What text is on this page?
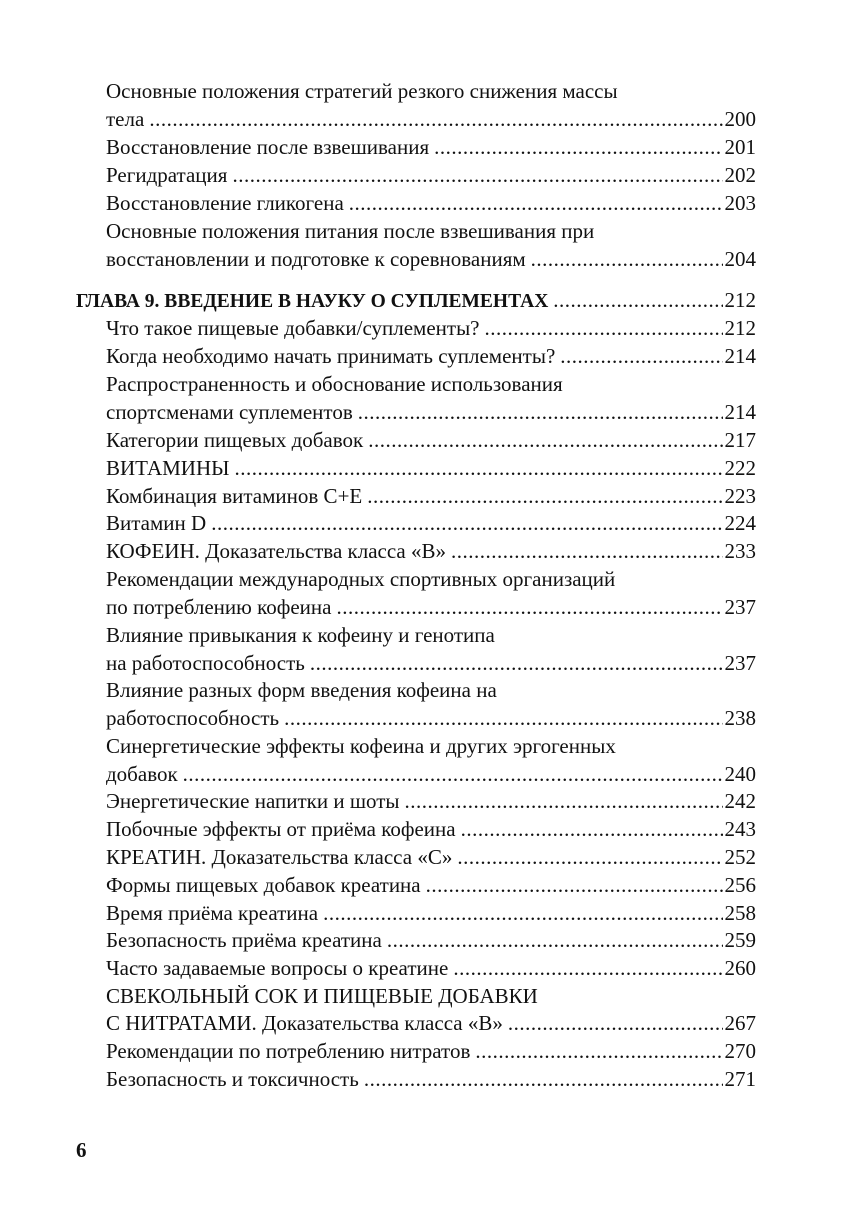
Основные положения стратегий резкого снижения массы
тела .....	200
Восстановление после взвешивания .....	201
Регидратация .....	202
Восстановление гликогена .....	203
Основные положения питания после взвешивания при
восстановлении и подготовке к соревнованиям .....	204
ГЛАВА 9. ВВЕДЕНИЕ В НАУКУ О СУПЛЕМЕНТАХ .....	212
Что такое пищевые добавки/суплементы? .....	212
Когда необходимо начать принимать суплементы? .....	214
Распространенность и обоснование использования
спортсменами суплементов .....	214
Категории пищевых добавок .....	217
ВИТАМИНЫ .....	222
Комбинация витаминов С+Е .....	223
Витамин D .....	224
КОФЕИН. Доказательства класса «В» .....	233
Рекомендации международных спортивных организаций
по потреблению кофеина .....	237
Влияние привыкания к кофеину и генотипа
на работоспособность .....	237
Влияние разных форм введения кофеина на
работоспособность .....	238
Синергетические эффекты кофеина и других эргогенных
добавок .....	240
Энергетические напитки и шоты .....	242
Побочные эффекты от приёма кофеина .....	243
КРЕАТИН. Доказательства класса «С» .....	252
Формы пищевых добавок креатина .....	256
Время приёма креатина .....	258
Безопасность приёма креатина .....	259
Часто задаваемые вопросы о креатине .....	260
СВЕКОЛЬНЫЙ СОК И ПИЩЕВЫЕ ДОБАВКИ
С НИТРАТАМИ. Доказательства класса «В» .....	267
Рекомендации по потреблению нитратов .....	270
Безопасность и токсичность .....	271
6
